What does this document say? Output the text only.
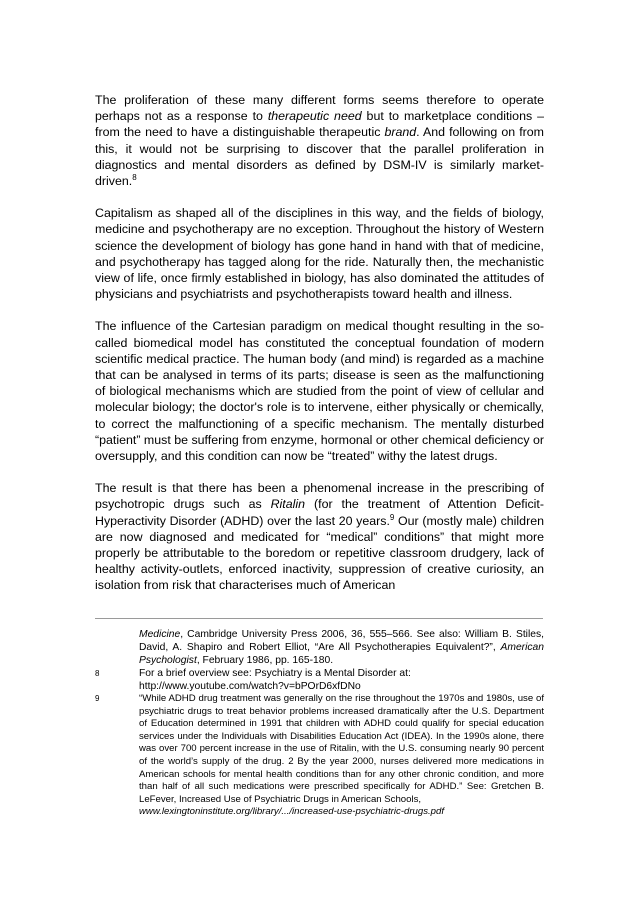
The proliferation of these many different forms seems therefore to operate perhaps not as a response to therapeutic need but to marketplace conditions – from the need to have a distinguishable therapeutic brand. And following on from this, it would not be surprising to discover that the parallel proliferation in diagnostics and mental disorders as defined by DSM-IV is similarly market-driven.$^8$

Capitalism as shaped all of the disciplines in this way, and the fields of biology, medicine and psychotherapy are no exception. Throughout the history of Western science the development of biology has gone hand in hand with that of medicine, and psychotherapy has tagged along for the ride. Naturally then, the mechanistic view of life, once firmly established in biology, has also dominated the attitudes of physicians and psychiatrists and psychotherapists toward health and illness.

The influence of the Cartesian paradigm on medical thought resulting in the so-called biomedical model has constituted the conceptual foundation of modern scientific medical practice. The human body (and mind) is regarded as a machine that can be analysed in terms of its parts; disease is seen as the malfunctioning of biological mechanisms which are studied from the point of view of cellular and molecular biology; the doctor's role is to intervene, either physically or chemically, to correct the malfunctioning of a specific mechanism. The mentally disturbed “patient” must be suffering from enzyme, hormonal or other chemical deficiency or oversupply, and this condition can now be “treated” withy the latest drugs.

The result is that there has been a phenomenal increase in the prescribing of psychotropic drugs such as Ritalin (for the treatment of Attention Deficit-Hyperactivity Disorder (ADHD) over the last 20 years.$^9$ Our (mostly male) children are now diagnosed and medicated for “medical” conditions” that might more properly be attributable to the boredom or repetitive classroom drudgery, lack of healthy activity-outlets, enforced inactivity, suppression of creative curiosity, an isolation from risk that characterises much of American

Medicine, Cambridge University Press 2006, 36, 555–566. See also: William B. Stiles, David, A. Shapiro and Robert Elliot, “Are All Psychotherapies Equivalent?”, American Psychologist, February 1986, pp. 165-180.
8	For a brief overview see: Psychiatry is a Mental Disorder at:
http://www.youtube.com/watch?v=bPOrD6xfDNo
9	“While ADHD drug treatment was generally on the rise throughout the 1970s and 1980s, use of psychiatric drugs to treat behavior problems increased dramatically after the U.S. Department of Education determined in 1991 that children with ADHD could qualify for special education services under the Individuals with Disabilities Education Act (IDEA). In the 1990s alone, there was over 700 percent increase in the use of Ritalin, with the U.S. consuming nearly 90 percent of the world’s supply of the drug. 2 By the year 2000, nurses delivered more medications in American schools for mental health conditions than for any other chronic condition, and more than half of all such medications were prescribed specifically for ADHD.” See: Gretchen B. LeFever, Increased Use of Psychiatric Drugs in American Schools,
www.lexingtoninstitute.org/library/.../increased-use-psychiatric-drugs.pdf
